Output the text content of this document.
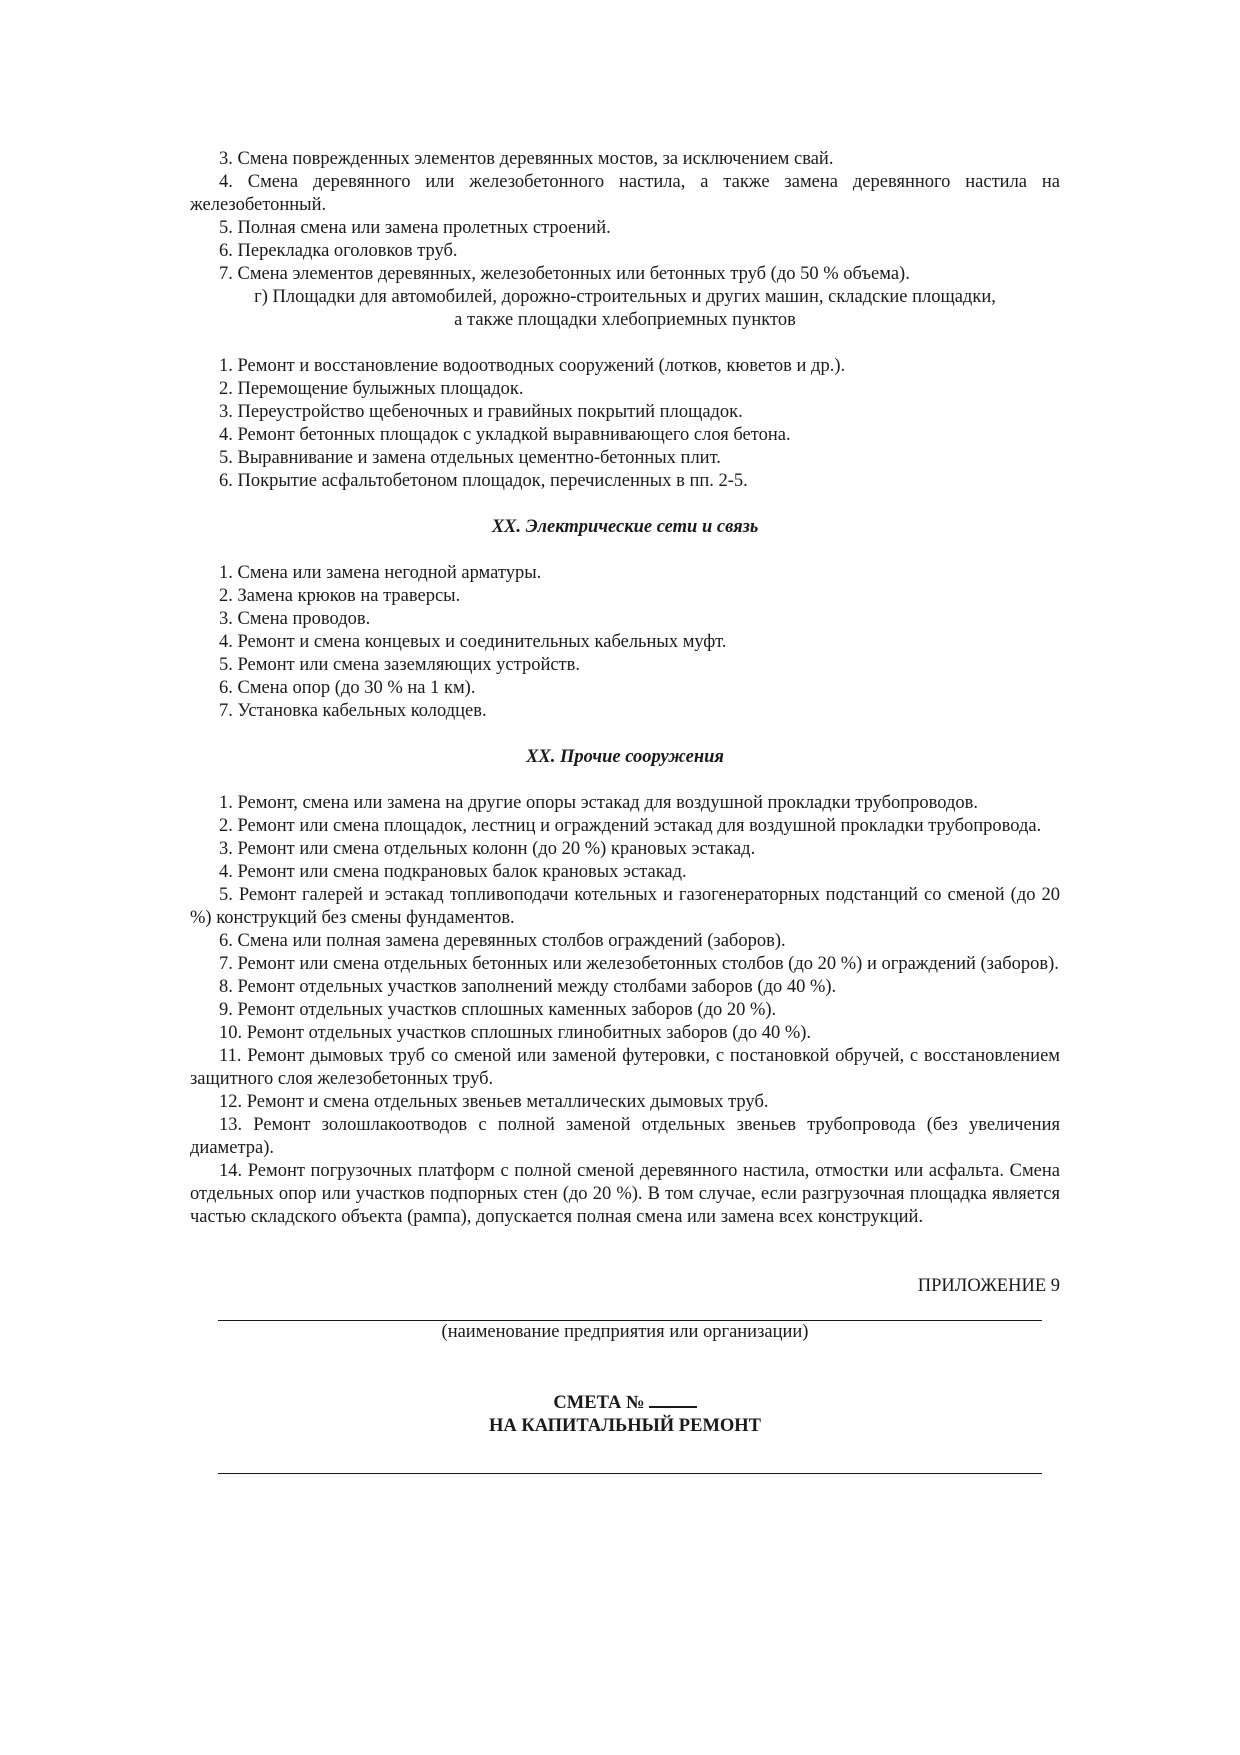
3. Смена поврежденных элементов деревянных мостов, за исключением свай.

4. Смена деревянного или железобетонного настила, а также замена деревянного настила на железобетонный.

5. Полная смена или замена пролетных строений.

6. Перекладка оголовков труб.

7. Смена элементов деревянных, железобетонных или бетонных труб (до 50 % объема).

г) Площадки для автомобилей, дорожно-строительных и других машин, складские площадки,

а также площадки хлебоприемных пунктов

1. Ремонт и восстановление водоотводных сооружений (лотков, кюветов и др.).

2. Перемощение булыжных площадок.

3. Переустройство щебеночных и гравийных покрытий площадок.

4. Ремонт бетонных площадок с укладкой выравнивающего слоя бетона.

5. Выравнивание и замена отдельных цементно-бетонных плит.

6. Покрытие асфальтобетоном площадок, перечисленных в пп. 2-5.

XX. Электрические сети и связь

1. Смена или замена негодной арматуры.

2. Замена крюков на траверсы.

3. Смена проводов.

4. Ремонт и смена концевых и соединительных кабельных муфт.

5. Ремонт или смена заземляющих устройств.

6. Смена опор (до 30 % на 1 км).

7. Установка кабельных колодцев.

XX. Прочие сооружения

1. Ремонт, смена или замена на другие опоры эстакад для воздушной прокладки трубопроводов.

2. Ремонт или смена площадок, лестниц и ограждений эстакад для воздушной прокладки трубопровода.

3. Ремонт или смена отдельных колонн (до 20 %) крановых эстакад.

4. Ремонт или смена подкрановых балок крановых эстакад.

5. Ремонт галерей и эстакад топливоподачи котельных и газогенераторных подстанций со сменой (до 20 %) конструкций без смены фундаментов.

6. Смена или полная замена деревянных столбов ограждений (заборов).

7. Ремонт или смена отдельных бетонных или железобетонных столбов (до 20 %) и ограждений (заборов).

8. Ремонт отдельных участков заполнений между столбами заборов (до 40 %).

9. Ремонт отдельных участков сплошных каменных заборов (до 20 %).

10. Ремонт отдельных участков сплошных глинобитных заборов (до 40 %).

11. Ремонт дымовых труб со сменой или заменой футеровки, с постановкой обручей, с восстановлением защитного слоя железобетонных труб.

12. Ремонт и смена отдельных звеньев металлических дымовых труб.

13. Ремонт золошлакоотводов с полной заменой отдельных звеньев трубопровода (без увеличения диаметра).

14. Ремонт погрузочных платформ с полной сменой деревянного настила, отмостки или асфальта. Смена отдельных опор или участков подпорных стен (до 20 %). В том случае, если разгрузочная площадка является частью складского объекта (рампа), допускается полная смена или замена всех конструкций.

ПРИЛОЖЕНИЕ 9

(наименование предприятия или организации)

СМЕТА №

НА КАПИТАЛЬНЫЙ РЕМОНТ
